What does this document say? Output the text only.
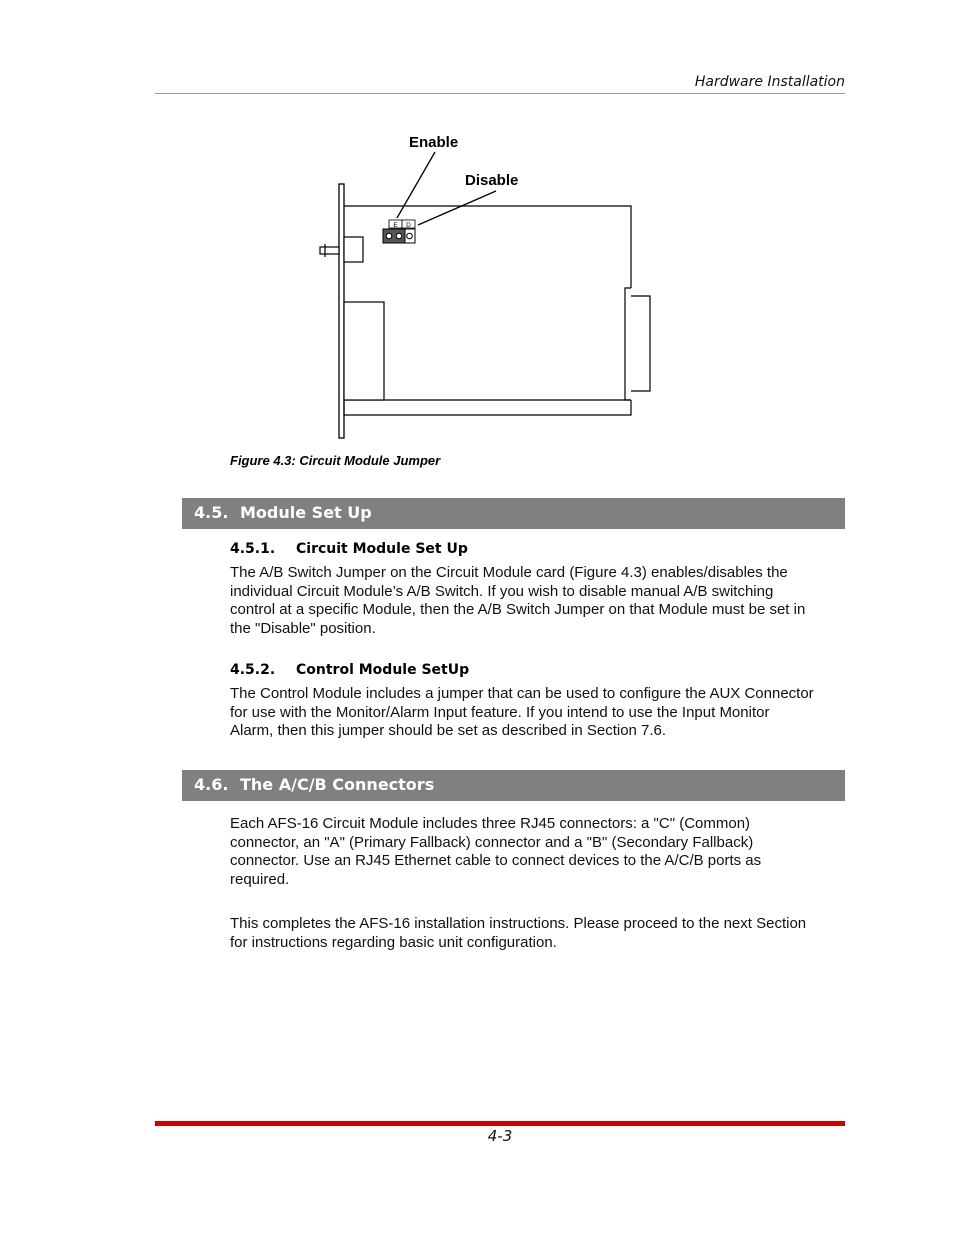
Hardware Installation
E D
Enable
Disable
Figure 4.3: Circuit Module Jumper
4.5. Module Set Up
4.5.1. Circuit Module Set Up
The A/B Switch Jumper on the Circuit Module card (Figure 4.3) enables/disables the
individual Circuit Module’s A/B Switch. If you wish to disable manual A/B switching
control at a specific Module, then the A/B Switch Jumper on that Module must be set in
the "Disable" position.
4.5.2. Control Module SetUp
The Control Module includes a jumper that can be used to configure the AUX Connector
for use with the Monitor/Alarm Input feature. If you intend to use the Input Monitor
Alarm, then this jumper should be set as described in Section 7.6.
4.6. The A/C/B Connectors
Each AFS-16 Circuit Module includes three RJ45 connectors: a "C" (Common)
connector, an "A" (Primary Fallback) connector and a "B" (Secondary Fallback)
connector. Use an RJ45 Ethernet cable to connect devices to the A/C/B ports as
required.
This completes the AFS-16 installation instructions. Please proceed to the next Section
for instructions regarding basic unit configuration.
4-3
